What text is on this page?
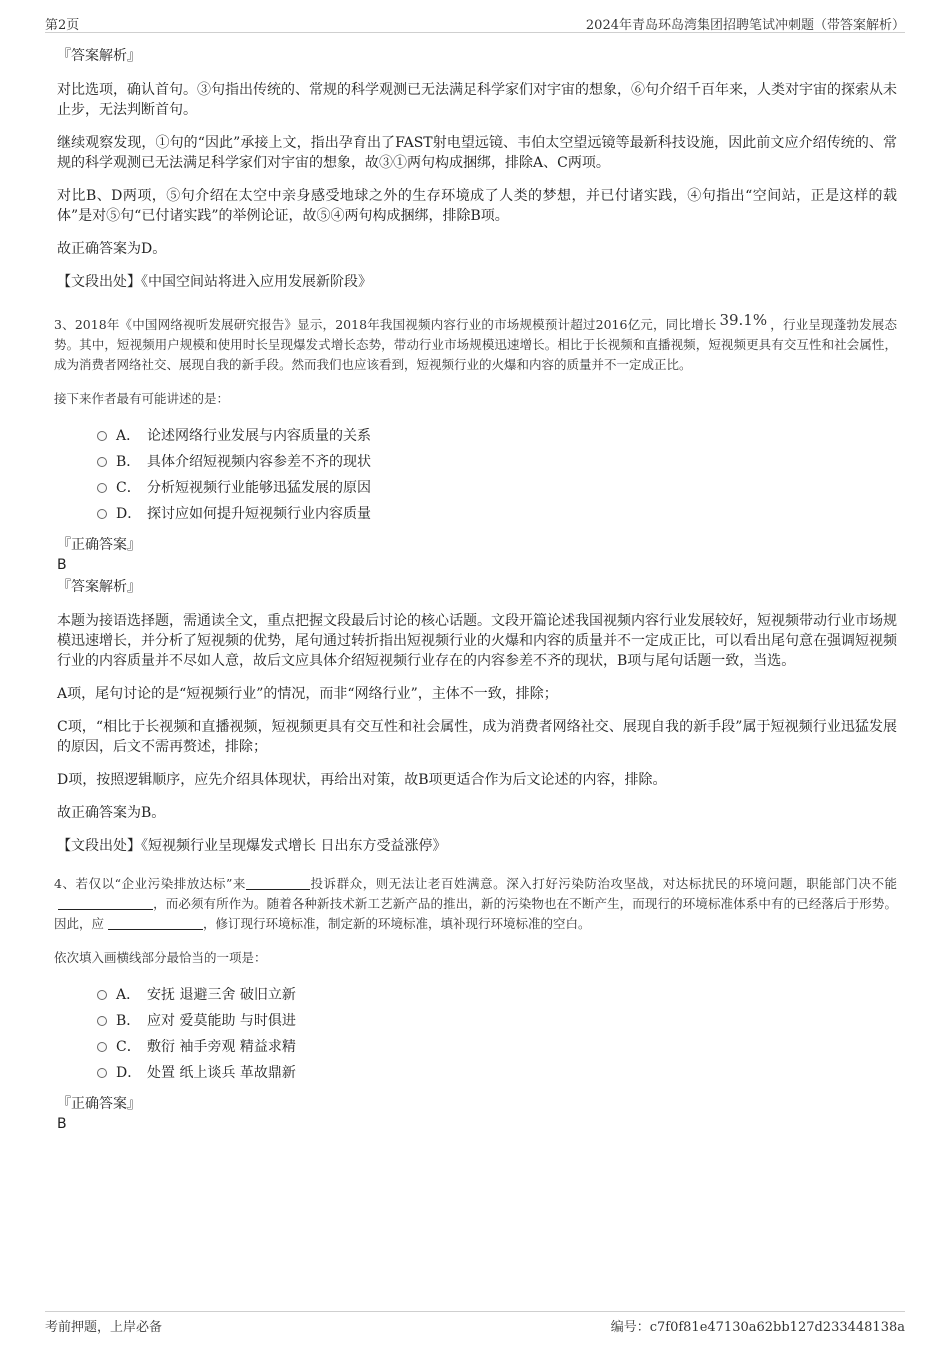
第2页	2024年青岛环岛湾集团招聘笔试冲刺题（带答案解析）
『答案解析』

对比选项，确认首句。③句指出传统的、常规的科学观测已无法满足科学家们对宇宙的想象，⑥句介绍千百年来，人类对宇宙的探索从未止步，无法判断首句。

继续观察发现，①句的“因此”承接上文，指出孕育出了FAST射电望远镜、韦伯太空望远镜等最新科技设施，因此前文应介绍传统的、常规的科学观测已无法满足科学家们对宇宙的想象，故③①两句构成捆绑，排除A、C两项。

对比B、D两项，⑤句介绍在太空中亲身感受地球之外的生存环境成了人类的梦想，并已付诸实践，④句指出“空间站，正是这样的载体”是对⑤句“已付诸实践”的举例论证，故⑤④两句构成捆绑，排除B项。

故正确答案为D。

【文段出处】《中国空间站将进入应用发展新阶段》

3、2018年《中国网络视听发展研究报告》显示，2018年我国视频内容行业的市场规模预计超过2016亿元，同比增长 39.1% ，行业呈现蓬勃发展态势。其中，短视频用户规模和使用时长呈现爆发式增长态势，带动行业市场规模迅速增长。相比于长视频和直播视频，短视频更具有交互性和社会属性，成为消费者网络社交、展现自我的新手段。然而我们也应该看到，短视频行业的火爆和内容的质量并不一定成正比。

接下来作者最有可能讲述的是：

A． 论述网络行业发展与内容质量的关系
B． 具体介绍短视频内容参差不齐的现状
C． 分析短视频行业能够迅猛发展的原因
D． 探讨应如何提升短视频行业内容质量
『正确答案』
B
『答案解析』

本题为接语选择题，需通读全文，重点把握文段最后讨论的核心话题。文段开篇论述我国视频内容行业发展较好，短视频带动行业市场规模迅速增长，并分析了短视频的优势，尾句通过转折指出短视频行业的火爆和内容的质量并不一定成正比，可以看出尾句意在强调短视频行业的内容质量并不尽如人意，故后文应具体介绍短视频行业存在的内容参差不齐的现状，B项与尾句话题一致，当选。

A项，尾句讨论的是“短视频行业”的情况，而非“网络行业”，主体不一致，排除；

C项，“相比于长视频和直播视频，短视频更具有交互性和社会属性，成为消费者网络社交、展现自我的新手段”属于短视频行业迅猛发展的原因，后文不需再赘述，排除；

D项，按照逻辑顺序，应先介绍具体现状，再给出对策，故B项更适合作为后文论述的内容，排除。

故正确答案为B。

【文段出处】《短视频行业呈现爆发式增长 日出东方受益涨停》

4、若仅以“企业污染排放达标”来	投诉群众，则无法让老百姓满意。深入打好污染防治攻坚战，对达标扰民的环境问题，职能部门决不能，而必须有所作为。随着各种新技术新工艺新产品的推出，新的污染物也在不断产生，而现行的环境标准体系中有的已经落后于形势。因此，应	，修订现行环境标准，制定新的环境标准，填补现行环境标准的空白。

依次填入画横线部分最恰当的一项是：

A． 安抚 退避三舍 破旧立新
B． 应对 爱莫能助 与时俱进
C． 敷衍 袖手旁观 精益求精
D． 处置 纸上谈兵 革故鼎新
『正确答案』
B
考前押题，上岸必备	编号：c7f0f81e47130a62bb127d233448138a
